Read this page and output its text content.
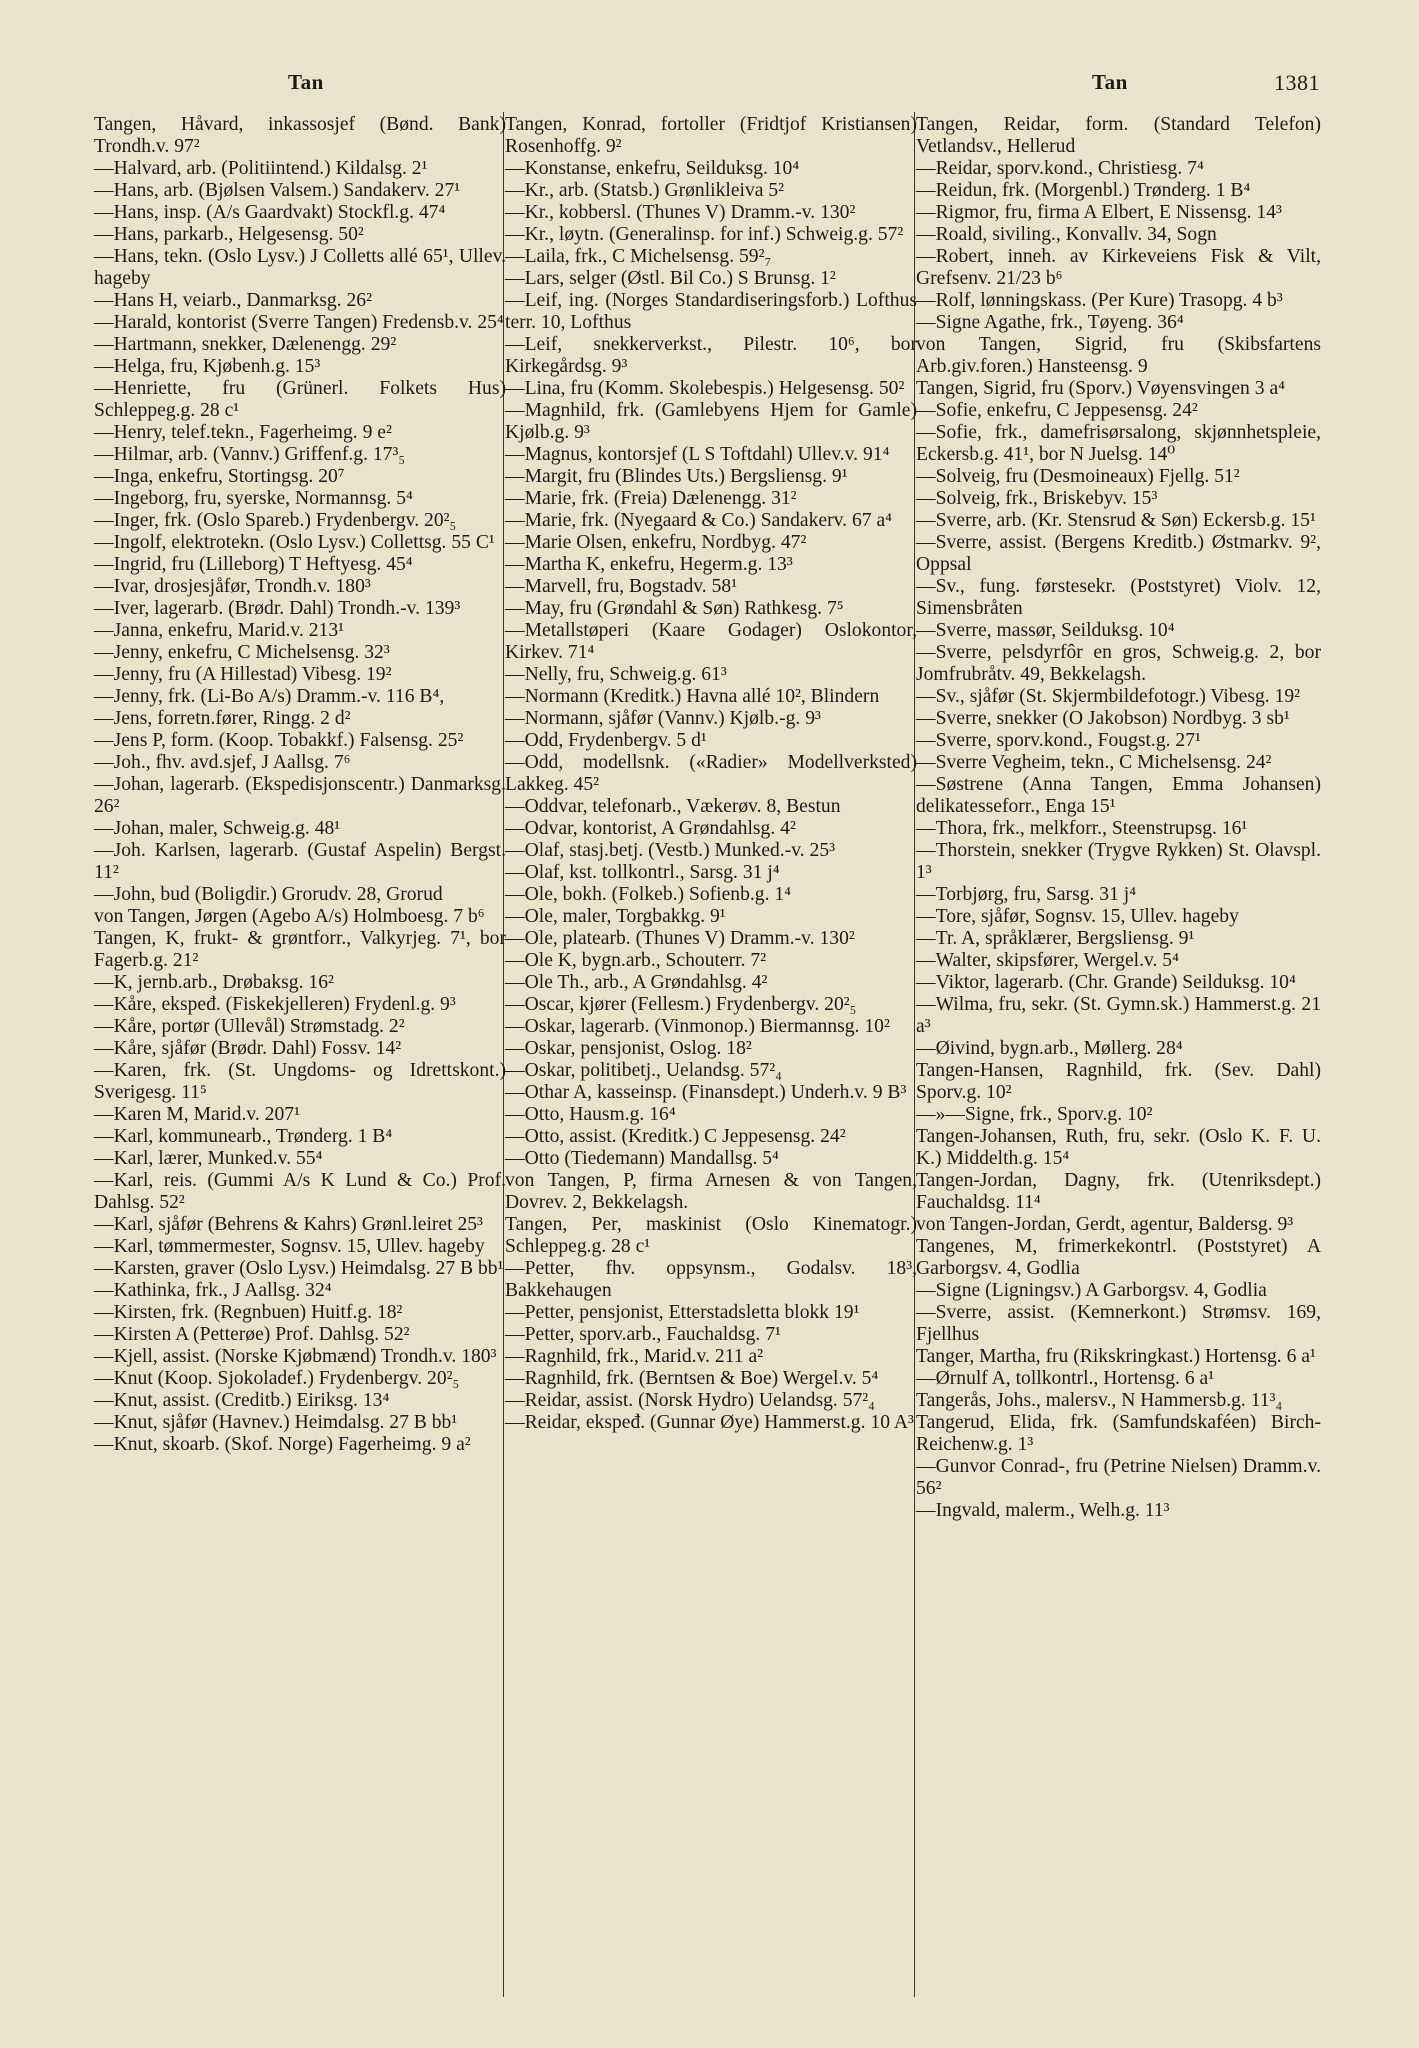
Tan	Tan	1381

Tangen, Håvard, inkassosjef (Bønd. Bank) Trondh.v. 97²

—Halvard, arb. (Politiintend.) Kildalsg. 2¹

—Hans, arb. (Bjølsen Valsem.) Sandakerv. 27¹

—Hans, insp. (A/s Gaardvakt) Stockfl.g. 47⁴

—Hans, parkarb., Helgesensg. 50²

—Hans, tekn. (Oslo Lysv.) J Colletts allé 65¹, Ullev. hageby

—Hans H, veiarb., Danmarksg. 26²

—Harald, kontorist (Sverre Tangen) Fredensb.v. 25⁴

—Hartmann, snekker, Dælenengg. 29²

—Helga, fru, Kjøbenh.g. 15³

—Henriette, fru (Grünerl. Folkets Hus) Schleppeg.g. 28 c¹

—Henry, telef.tekn., Fagerheimg. 9 e²

—Hilmar, arb. (Vannv.) Griffenf.g. 17³₅

—Inga, enkefru, Stortingsg. 20⁷

—Ingeborg, fru, syerske, Normannsg. 5⁴

—Inger, frk. (Oslo Spareb.) Frydenbergv. 20²₅

—Ingolf, elektrotekn. (Oslo Lysv.) Collettsg. 55 C¹

—Ingrid, fru (Lilleborg) T Heftyesg. 45⁴

—Ivar, drosjesjåfør, Trondh.v. 180³

—Iver, lagerarb. (Brødr. Dahl) Trondh.-v. 139³

—Janna, enkefru, Marid.v. 213¹

—Jenny, enkefru, C Michelsensg. 32³

—Jenny, fru (A Hillestad) Vibesg. 19²

—Jenny, frk. (Li-Bo A/s) Dramm.-v. 116 B⁴,

—Jens, forretn.fører, Ringg. 2 d²

—Jens P, form. (Koop. Tobakkf.) Falsensg. 25²

—Joh., fhv. avd.sjef, J Aallsg. 7⁶

—Johan, lagerarb. (Ekspedisjonscentr.) Danmarksg. 26²

—Johan, maler, Schweig.g. 48¹

—Joh. Karlsen, lagerarb. (Gustaf Aspelin) Bergst. 11²

—John, bud (Boligdir.) Grorudv. 28, Grorud

von Tangen, Jørgen (Agebo A/s) Holmboesg. 7 b⁶

Tangen, K, frukt- & grøntforr., Valkyrjeg. 7¹, bor Fagerb.g. 21²

—K, jernb.arb., Drøbaksg. 16²

—Kåre, ekspeđ. (Fiskekjelleren) Frydenl.g. 9³

—Kåre, portør (Ullevål) Strømstadg. 2²

—Kåre, sjåfør (Brødr. Dahl) Fossv. 14²

—Karen, frk. (St. Ungdoms- og Idrettskont.) Sverigesg. 11⁵

—Karen M, Marid.v. 207¹

—Karl, kommunearb., Trønderg. 1 B⁴

—Karl, lærer, Munked.v. 55⁴

—Karl, reis. (Gummi A/s K Lund & Co.) Prof. Dahlsg. 52²

—Karl, sjåfør (Behrens & Kahrs) Grønl.leiret 25³

—Karl, tømmermester, Sognsv. 15, Ullev. hageby

—Karsten, graver (Oslo Lysv.) Heimdalsg. 27 B bb¹

—Kathinka, frk., J Aallsg. 32⁴

—Kirsten, frk. (Regnbuen) Huitf.g. 18²

—Kirsten A (Petterøe) Prof. Dahlsg. 52²

—Kjell, assist. (Norske Kjøbmænd) Trondh.v. 180³

—Knut (Koop. Sjokoladef.) Frydenbergv. 20²₅

—Knut, assist. (Creditb.) Eiriksg. 13⁴

—Knut, sjåfør (Havnev.) Heimdalsg. 27 B bb¹

—Knut, skoarb. (Skof. Norge) Fagerheimg. 9 a²

Tangen, Konrad, fortoller (Fridtjof Kristiansen) Rosenhoffg. 9²

—Konstanse, enkefru, Seilduksg. 10⁴

—Kr., arb. (Statsb.) Grønlikleiva 5²

—Kr., kobbersl. (Thunes V) Dramm.-v. 130²

—Kr., løytn. (Generalinsp. for inf.) Schweig.g. 57²

—Laila, frk., C Michelsensg. 59²₇

—Lars, selger (Østl. Bil Co.) S Brunsg. 1²

—Leif, ing. (Norges Standardiseringsforb.) Lofthus terr. 10, Lofthus

—Leif, snekkerverkst., Pilestr. 10⁶, bor Kirkegårdsg. 9³

—Lina, fru (Komm. Skolebespis.) Helgesensg. 50²

—Magnhild, frk. (Gamlebyens Hjem for Gamle) Kjølb.g. 9³

—Magnus, kontorsjef (L S Toftdahl) Ullev.v. 91⁴

—Margit, fru (Blindes Uts.) Bergsliensg. 9¹

—Marie, frk. (Freia) Dælenengg. 31²

—Marie, frk. (Nyegaard & Co.) Sandakerv. 67 a⁴

—Marie Olsen, enkefru, Nordbyg. 47²

—Martha K, enkefru, Hegerm.g. 13³

—Marvell, fru, Bogstadv. 58¹

—May, fru (Grøndahl & Søn) Rathkesg. 7⁵

—Metallstøperi (Kaare Godager) Oslokontor, Kirkev. 71⁴

—Nelly, fru, Schweig.g. 61³

—Normann (Kreditk.) Havna allé 10², Blindern

—Normann, sjåfør (Vannv.) Kjølb.-g. 9³

—Odd, Frydenbergv. 5 d¹

—Odd, modellsnk. («Radier» Modellverksted) Lakkeg. 45²

—Oddvar, telefonarb., Vækerøv. 8, Bestun

—Odvar, kontorist, A Grøndahlsg. 4²

—Olaf, stasj.betj. (Vestb.) Munked.-v. 25³

—Olaf, kst. tollkontrl., Sarsg. 31 j⁴

—Ole, bokh. (Folkeb.) Sofienb.g. 1⁴

—Ole, maler, Torgbakkg. 9¹

—Ole, platearb. (Thunes V) Dramm.-v. 130²

—Ole K, bygn.arb., Schouterr. 7²

—Ole Th., arb., A Grøndahlsg. 4²

—Oscar, kjører (Fellesm.) Frydenbergv. 20²₅

—Oskar, lagerarb. (Vinmonop.) Biermannsg. 10²

—Oskar, pensjonist, Oslog. 18²

—Oskar, politibetj., Uelandsg. 57²₄

—Othar A, kasseinsp. (Finansdept.) Underh.v. 9 B³

—Otto, Hausm.g. 16⁴

—Otto, assist. (Kreditk.) C Jeppesensg. 24²

—Otto (Tiedemann) Mandallsg. 5⁴

von Tangen, P, firma Arnesen & von Tangen, Dovrev. 2, Bekkelagsh.

Tangen, Per, maskinist (Oslo Kinematogr.) Schleppeg.g. 28 c¹

—Petter, fhv. oppsynsm., Godalsv. 18³, Bakkehaugen

—Petter, pensjonist, Etterstadsletta blokk 19¹

—Petter, sporv.arb., Fauchaldsg. 7¹

—Ragnhild, frk., Marid.v. 211 a²

—Ragnhild, frk. (Berntsen & Boe) Wergel.v. 5⁴

—Reidar, assist. (Norsk Hydro) Uelandsg. 57²₄

—Reidar, ekspeđ. (Gunnar Øye) Hammerst.g. 10 A³

Tangen, Reidar, form. (Standard Telefon) Vetlandsv., Hellerud

—Reidar, sporv.kond., Christiesg. 7⁴

—Reidun, frk. (Morgenbl.) Trønderg. 1 B⁴

—Rigmor, fru, firma A Elbert, E Nissensg. 14³

—Roald, siviling., Konvallv. 34, Sogn

—Robert, inneh. av Kirkeveiens Fisk & Vilt, Grefsenv. 21/23 b⁶

—Rolf, lønningskass. (Per Kure) Trasopg. 4 b³

—Signe Agathe, frk., Tøyeng. 36⁴

von Tangen, Sigrid, fru (Skibsfartens Arb.giv.foren.) Hansteensg. 9

Tangen, Sigrid, fru (Sporv.) Vøyensvingen 3 a⁴

—Sofie, enkefru, C Jeppesensg. 24²

—Sofie, frk., damefrisørsalong, skjønnhetspleie, Eckersb.g. 41¹, bor N Juelsg. 14⁰

—Solveig, fru (Desmoineaux) Fjellg. 51²

—Solveig, frk., Briskebyv. 15³

—Sverre, arb. (Kr. Stensrud & Søn) Eckersb.g. 15¹

—Sverre, assist. (Bergens Kreditb.) Østmarkv. 9², Oppsal

—Sv., fung. førstesekr. (Poststyret) Violv. 12, Simensbråten

—Sverre, massør, Seilduksg. 10⁴

—Sverre, pelsdyrfôr en gros, Schweig.g. 2, bor Jomfrubråtv. 49, Bekkelagsh.

—Sv., sjåfør (St. Skjermbildefotogr.) Vibesg. 19²

—Sverre, snekker (O Jakobson) Nordbyg. 3 sb¹

—Sverre, sporv.kond., Fougst.g. 27¹

—Sverre Vegheim, tekn., C Michelsensg. 24²

—Søstrene (Anna Tangen, Emma Johansen) delikatesseforr., Enga 15¹

—Thora, frk., melkforr., Steenstrupsg. 16¹

—Thorstein, snekker (Trygve Rykken) St. Olavspl. 1³

—Torbjørg, fru, Sarsg. 31 j⁴

—Tore, sjåfør, Sognsv. 15, Ullev. hageby

—Tr. A, språklærer, Bergsliensg. 9¹

—Walter, skipsfører, Wergel.v. 5⁴

—Viktor, lagerarb. (Chr. Grande) Seilduksg. 10⁴

—Wilma, fru, sekr. (St. Gymn.sk.) Hammerst.g. 21 a³

—Øivind, bygn.arb., Møllerg. 28⁴

Tangen-Hansen, Ragnhild, frk. (Sev. Dahl) Sporv.g. 10²

—»—Signe, frk., Sporv.g. 10²

Tangen-Johansen, Ruth, fru, sekr. (Oslo K. F. U. K.) Middelth.g. 15⁴

Tangen-Jordan, Dagny, frk. (Utenriksdept.) Fauchaldsg. 11⁴

von Tangen-Jordan, Gerdt, agentur, Baldersg. 9³

Tangenes, M, frimerkekontrl. (Poststyret) A Garborgsv. 4, Godlia

—Signe (Ligningsv.) A Garborgsv. 4, Godlia

—Sverre, assist. (Kemnerkont.) Strømsv. 169, Fjellhus

Tanger, Martha, fru (Rikskringkast.) Hortensg. 6 a¹

—Ørnulf A, tollkontrl., Hortensg. 6 a¹

Tangerås, Johs., malersv., N Hammersb.g. 11³₄

Tangerud, Elida, frk. (Samfundskaféen) Birch-Reichenw.g. 1³

—Gunvor Conrad-, fru (Petrine Nielsen) Dramm.v. 56²

—Ingvald, malerm., Welh.g. 11³
